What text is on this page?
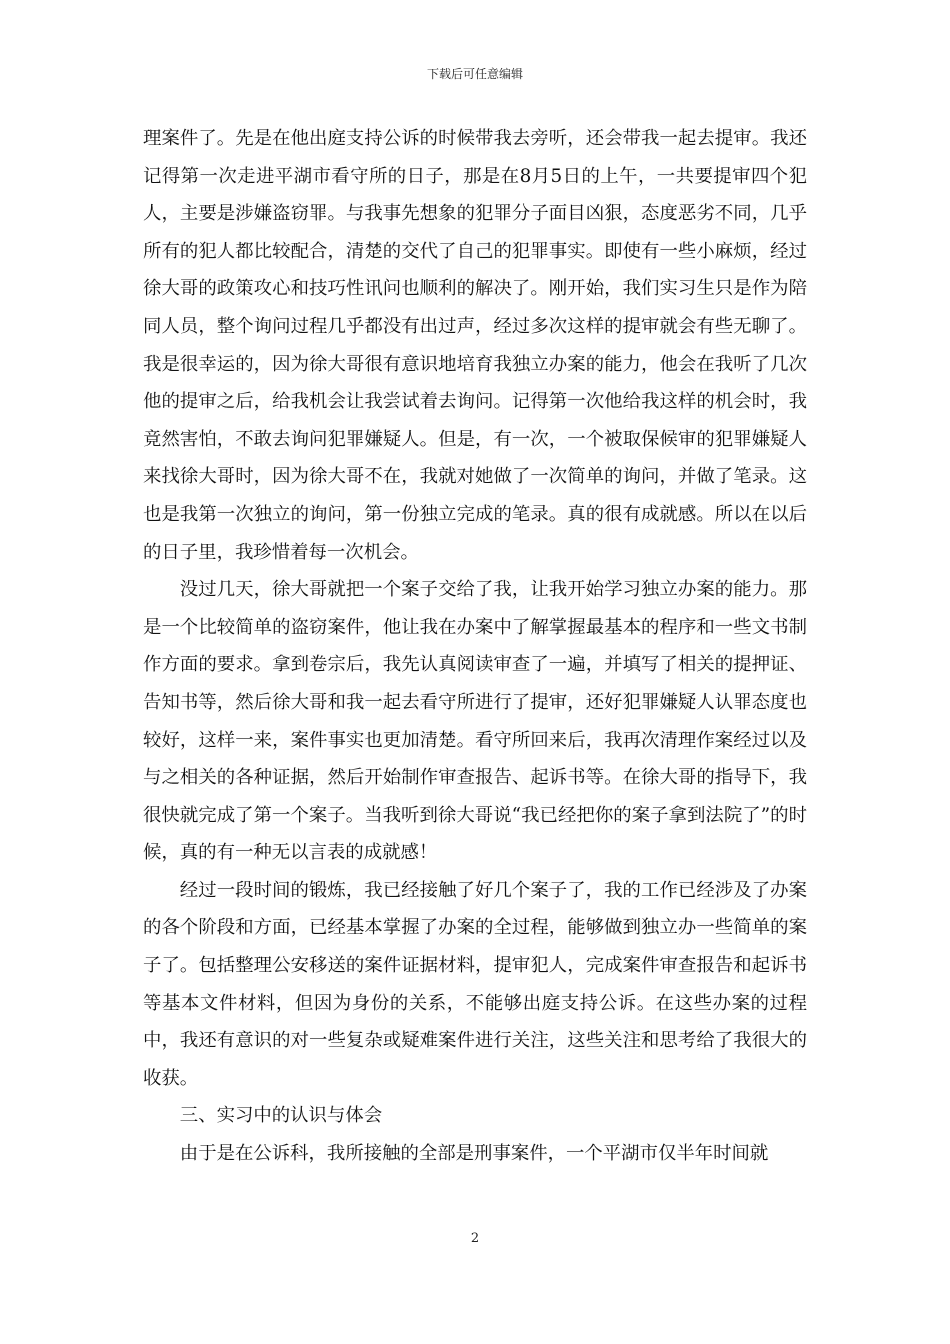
下载后可任意编辑

理案件了。先是在他出庭支持公诉的时候带我去旁听，还会带我一起去提审。我还记得第一次走进平湖市看守所的日子，那是在8月5日的上午，一共要提审四个犯人，主要是涉嫌盗窃罪。与我事先想象的犯罪分子面目凶狠，态度恶劣不同，几乎所有的犯人都比较配合，清楚的交代了自己的犯罪事实。即使有一些小麻烦，经过徐大哥的政策攻心和技巧性讯问也顺利的解决了。刚开始，我们实习生只是作为陪同人员，整个询问过程几乎都没有出过声，经过多次这样的提审就会有些无聊了。我是很幸运的，因为徐大哥很有意识地培育我独立办案的能力，他会在我听了几次他的提审之后，给我机会让我尝试着去询问。记得第一次他给我这样的机会时，我竟然害怕，不敢去询问犯罪嫌疑人。但是，有一次，一个被取保候审的犯罪嫌疑人来找徐大哥时，因为徐大哥不在，我就对她做了一次简单的询问，并做了笔录。这也是我第一次独立的询问，第一份独立完成的笔录。真的很有成就感。所以在以后的日子里，我珍惜着每一次机会。

没过几天，徐大哥就把一个案子交给了我，让我开始学习独立办案的能力。那是一个比较简单的盗窃案件，他让我在办案中了解掌握最基本的程序和一些文书制作方面的要求。拿到卷宗后，我先认真阅读审查了一遍，并填写了相关的提押证、告知书等，然后徐大哥和我一起去看守所进行了提审，还好犯罪嫌疑人认罪态度也较好，这样一来，案件事实也更加清楚。看守所回来后，我再次清理作案经过以及与之相关的各种证据，然后开始制作审查报告、起诉书等。在徐大哥的指导下，我很快就完成了第一个案子。当我听到徐大哥说“我已经把你的案子拿到法院了”的时候，真的有一种无以言表的成就感！

经过一段时间的锻炼，我已经接触了好几个案子了，我的工作已经涉及了办案的各个阶段和方面，已经基本掌握了办案的全过程，能够做到独立办一些简单的案子了。包括整理公安移送的案件证据材料，提审犯人，完成案件审查报告和起诉书等基本文件材料，但因为身份的关系，不能够出庭支持公诉。在这些办案的过程中，我还有意识的对一些复杂或疑难案件进行关注，这些关注和思考给了我很大的收获。

三、实习中的认识与体会

由于是在公诉科，我所接触的全部是刑事案件，一个平湖市仅半年时间就

2
